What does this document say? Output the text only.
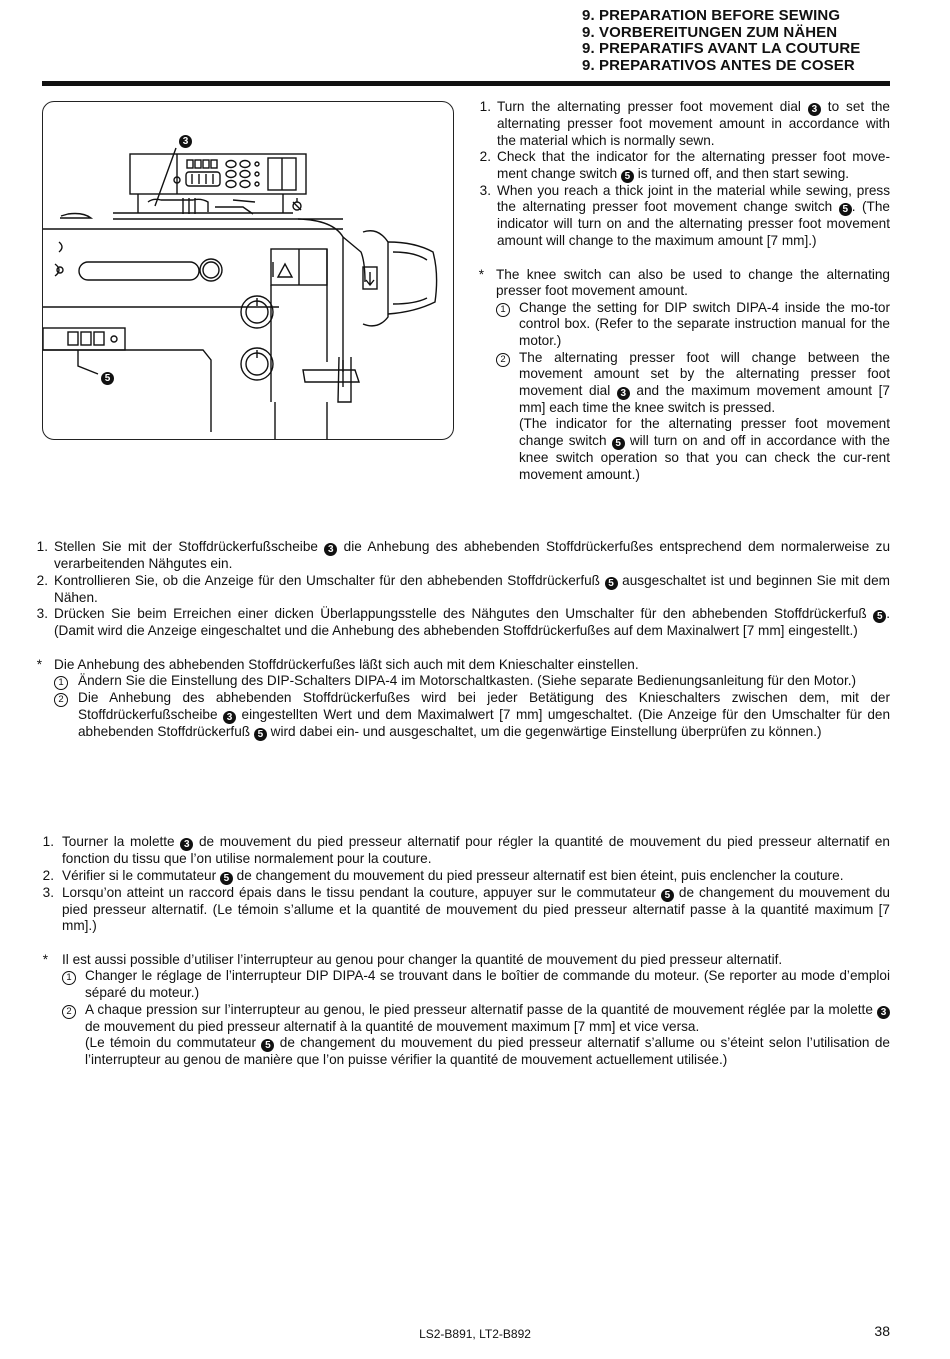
9. PREPARATION BEFORE SEWING
9. VORBEREITUNGEN ZUM NÄHEN
9. PREPARATIFS AVANT LA COUTURE
9. PREPARATIVOS ANTES DE COSER
3
5
1. Turn the alternating presser foot movement dial 3 to set the alternating presser foot movement amount in accordance with the material which is normally sewn.
2. Check that the indicator for the alternating presser foot move-ment change switch 5 is turned off, and then start sewing.
3. When you reach a thick joint in the material while sewing, press the alternating presser foot movement change switch 5 . (The indicator will turn on and the alternating presser foot movement amount will change to the maximum amount [7 mm].)
* The knee switch can also be used to change the alternating presser foot movement amount.
1 Change the setting for DIP switch DIPA-4 inside the mo-tor control box. (Refer to the separate instruction manual for the motor.)
2 The alternating presser foot will change between the movement amount set by the alternating presser foot movement dial 3 and the maximum movement amount [7 mm] each time the knee switch is pressed.
(The indicator for the alternating presser foot movement change switch 5 will turn on and off in accordance with the knee switch operation so that you can check the cur-rent movement amount.)
1. Stellen Sie mit der Stoffdrückerfußscheibe 3 die Anhebung des abhebenden Stoffdrückerfußes entsprechend dem normalerweise zu verarbeitenden Nähgutes ein.
2. Kontrollieren Sie, ob die Anzeige für den Umschalter für den abhebenden Stoffdrückerfuß 5 ausgeschaltet ist und beginnen Sie mit dem Nähen.
3. Drücken Sie beim Erreichen einer dicken Überlappungsstelle des Nähgutes den Umschalter für den abhebenden Stoffdrückerfuß 5 . (Damit wird die Anzeige eingeschaltet und die Anhebung des abhebenden Stoffdrückerfußes auf dem Maxinalwert [7 mm] eingestellt.)
* Die Anhebung des abhebenden Stoffdrückerfußes läßt sich auch mit dem Knieschalter einstellen.
1	Ändern Sie die Einstellung des DIP-Schalters DIPA-4 im Motorschaltkasten. (Siehe separate Bedienungsanleitung für den Motor.)
2	Die Anhebung des abhebenden Stoffdrückerfußes wird bei jeder Betätigung des Knieschalters zwischen dem, mit der Stoffdrückerfußscheibe 3 eingestellten Wert und dem Maximalwert [7 mm] umgeschaltet. (Die Anzeige für den Umschalter für den abhebenden Stoffdrückerfuß 5 wird dabei ein- und ausgeschaltet, um die gegenwärtige Einstellung überprüfen zu können.)
1. Tourner la molette 3 de mouvement du pied presseur alternatif pour régler la quantité de mouvement du pied presseur alternatif en fonction du tissu que l’on utilise normalement pour la couture.
2. Vérifier si le commutateur 5 de changement du mouvement du pied presseur alternatif est bien éteint, puis enclencher la couture.
3. Lorsqu’on atteint un raccord épais dans le tissu pendant la couture, appuyer sur le commutateur 5 de changement du mouvement du pied presseur alternatif. (Le témoin s’allume et la quantité de mouvement du pied presseur alternatif passe à la quantité maximum [7 mm].)
*	Il est aussi possible d’utiliser l’interrupteur au genou pour changer la quantité de mouvement du pied presseur alternatif.
1 Changer le réglage de l’interrupteur DIP DIPA-4 se trouvant dans le boîtier de commande du moteur. (Se reporter au mode d’emploi séparé du moteur.)
2 A chaque pression sur l’interrupteur au genou, le pied presseur alternatif passe de la quantité de mouvement réglée par la molette 3 de mouvement du pied presseur alternatif à la quantité de mouvement maximum [7 mm] et vice versa.
(Le témoin du commutateur 5 de changement du mouvement du pied presseur alternatif s’allume ou s’éteint selon l’utilisation de l’interrupteur au genou de manière que l’on puisse vérifier la quantité de mouvement actuellement utilisée.)
LS2-B891, LT2-B892	38
